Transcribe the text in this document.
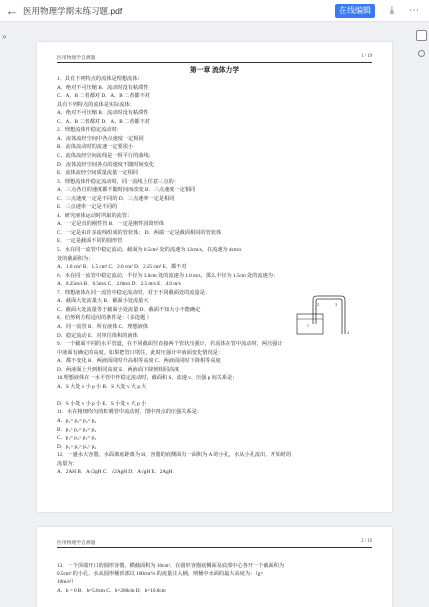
← 医用物理学期末练习题.pdf	在线编辑	⤓	⋯
»
医用物理学自测题	1 / 19
第一章 流体力学
1．具有下列特点的流体是理想流体：
A．绝对不可压缩 B．流动时没有粘滞性
C．A、B 二者都对 D．A、B 二者都不对
具有下列特点的流体是实际流体：
A．绝对不可压缩 B．流动时没有粘滞性
C．A、B 二者都对 D．A、B 二者都不对
2．理想流体作稳定流动时：
A．流体流经空间中各点速度一定相同
B．流体流动时的流速一定要很小
C．流体流经空间流线是一组平行的曲线；
D．流体流经空间各点的速度不随时间变化
E．流体流经空间质量流量一定相同
3．理想流体作稳定流动时，同一流线上任意三点的：
A．三点各自的速度都不随时间而改变 B．三点速度一定相同
C．三点速度一定是不同的 D．三点速率一定是相同
E．三点速率一定是不同的
4．研究液体运动时所取的流管：
A．一定是直的刚性管 B．一定是刚性园筒形体
C．一定是由许多流线组成的管状体； D．两端一定是截面相同的管状体
E．一定是截面不同的圆形管
5．水在同一流管中稳定流动，截面为 0.5cm² 处的流速为 12cm/s，在流速为 4cm/s
处的截面积为：
A．1.0 cm² B．1.5 cm² C．2.0 cm² D．2.25 cm² E．都不对
6．水在同一流管中稳定流动，半径为 3.0cm 处的流速为 1.0 m/s，那么半径为 1.5cm 处的流速为：
A．0.25m/s B．0.5m/s C．2.0m/s D．2.5 m/s E．4.0 m/s
7．理想液体在同一流管中稳定流动时，对于不同截面处的流量是：
A．截面大处流量大 B．截面小处流量大
C．截面大处流量等于截面小处流量 D．截面不知大小不能确定
8．伯努利方程适用的条件是：（多选题 ）
A．同一流管 B．所有液体 C．理想液体
D．稳定流动 E．对单位体积的液体
9．一个截面不同的水平管道，在不同截面竖直接两个管状压强计，若流体在管中流动时，两压强计
中液面有确定的高度。如果把管口堵住，此时压强计中液面变化情况是：
A．都不变化 B．两液面同时升高相等高度 C．两液面同时下降相等高度
D．两液面上升到相同高度 E．两液面下降到相同高度
10.理想液体在一水平管中作稳定流动时，截面积 S、流速 v、压强 p 间关系是：
A．S 大处 v 小 p 小 B．S 大处 v 大 p 大
D．S 小处 v 小 p 小 E．S 小处 v 大 p 小
11．水在粗细均匀的虹吸管中流动时，图中四点的压强关系是：
A．p₁= p₂= p₃= p₄
B．p₁> p₂= p₃= p₄
C．p₁= p₄> p₂= p₃
D．p₁> p₂> p₃> p₄
12．一盛水大容器，水面离底距离为 H，容器的底侧面有一面积为 A 的小孔，水从小孔流出，开始时的
流量为：
A．2AH B．A√2gH C．√2AgH D．A√gH E．2AgH
1
2	3
4
医用物理学自测题	2 / 19
13．一个顶端开口的圆形容器，横截面积为 10cm²，在圆形容器底侧面及底部中心各开一个截面积为
0.5cm² 的小孔，水从圆形桶顶部以 100cm³/s 的流量注入桶，则桶中水面的最大高度为：（g=
10m/s²）
A．h = 0 B．h=5.0cm C．h=200cm D．h=10.0cm
